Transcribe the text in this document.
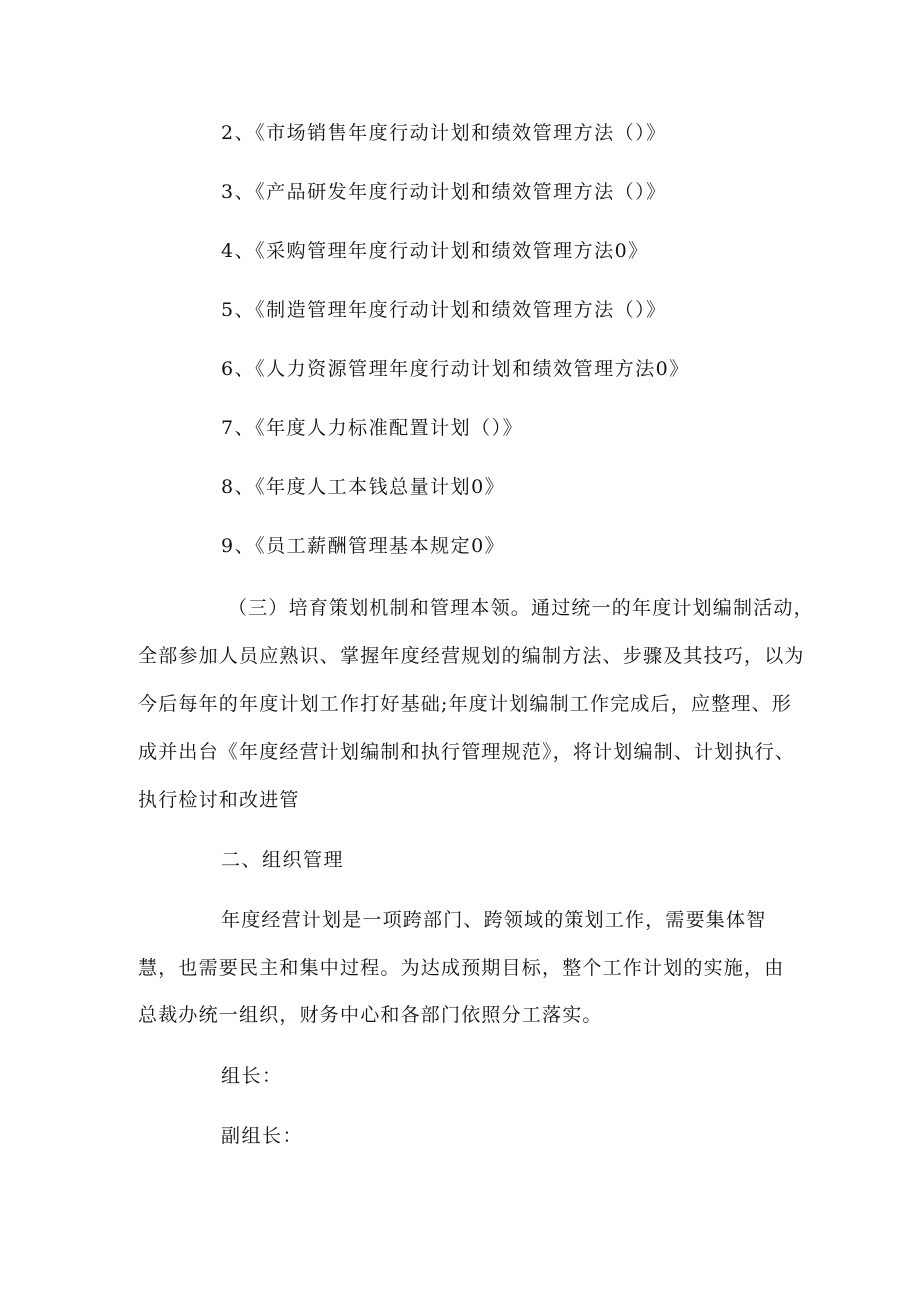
2、《市场销售年度行动计划和绩效管理方法（）》
3、《产品研发年度行动计划和绩效管理方法（）》
4、《采购管理年度行动计划和绩效管理方法0》
5、《制造管理年度行动计划和绩效管理方法（）》
6、《人力资源管理年度行动计划和绩效管理方法0》
7、《年度人力标准配置计划（）》
8、《年度人工本钱总量计划0》
9、《员工薪酬管理基本规定0》
（三）培育策划机制和管理本领。通过统一的年度计划编制活动，
全部参加人员应熟识、掌握年度经营规划的编制方法、步骤及其技巧，以为
今后每年的年度计划工作打好基础;年度计划编制工作完成后，应整理、形
成并出台《年度经营计划编制和执行管理规范》，将计划编制、计划执行、
执行检讨和改进管
二、组织管理
年度经营计划是一项跨部门、跨领域的策划工作，需要集体智
慧，也需要民主和集中过程。为达成预期目标，整个工作计划的实施，由
总裁办统一组织，财务中心和各部门依照分工落实。
组长：
副组长：
